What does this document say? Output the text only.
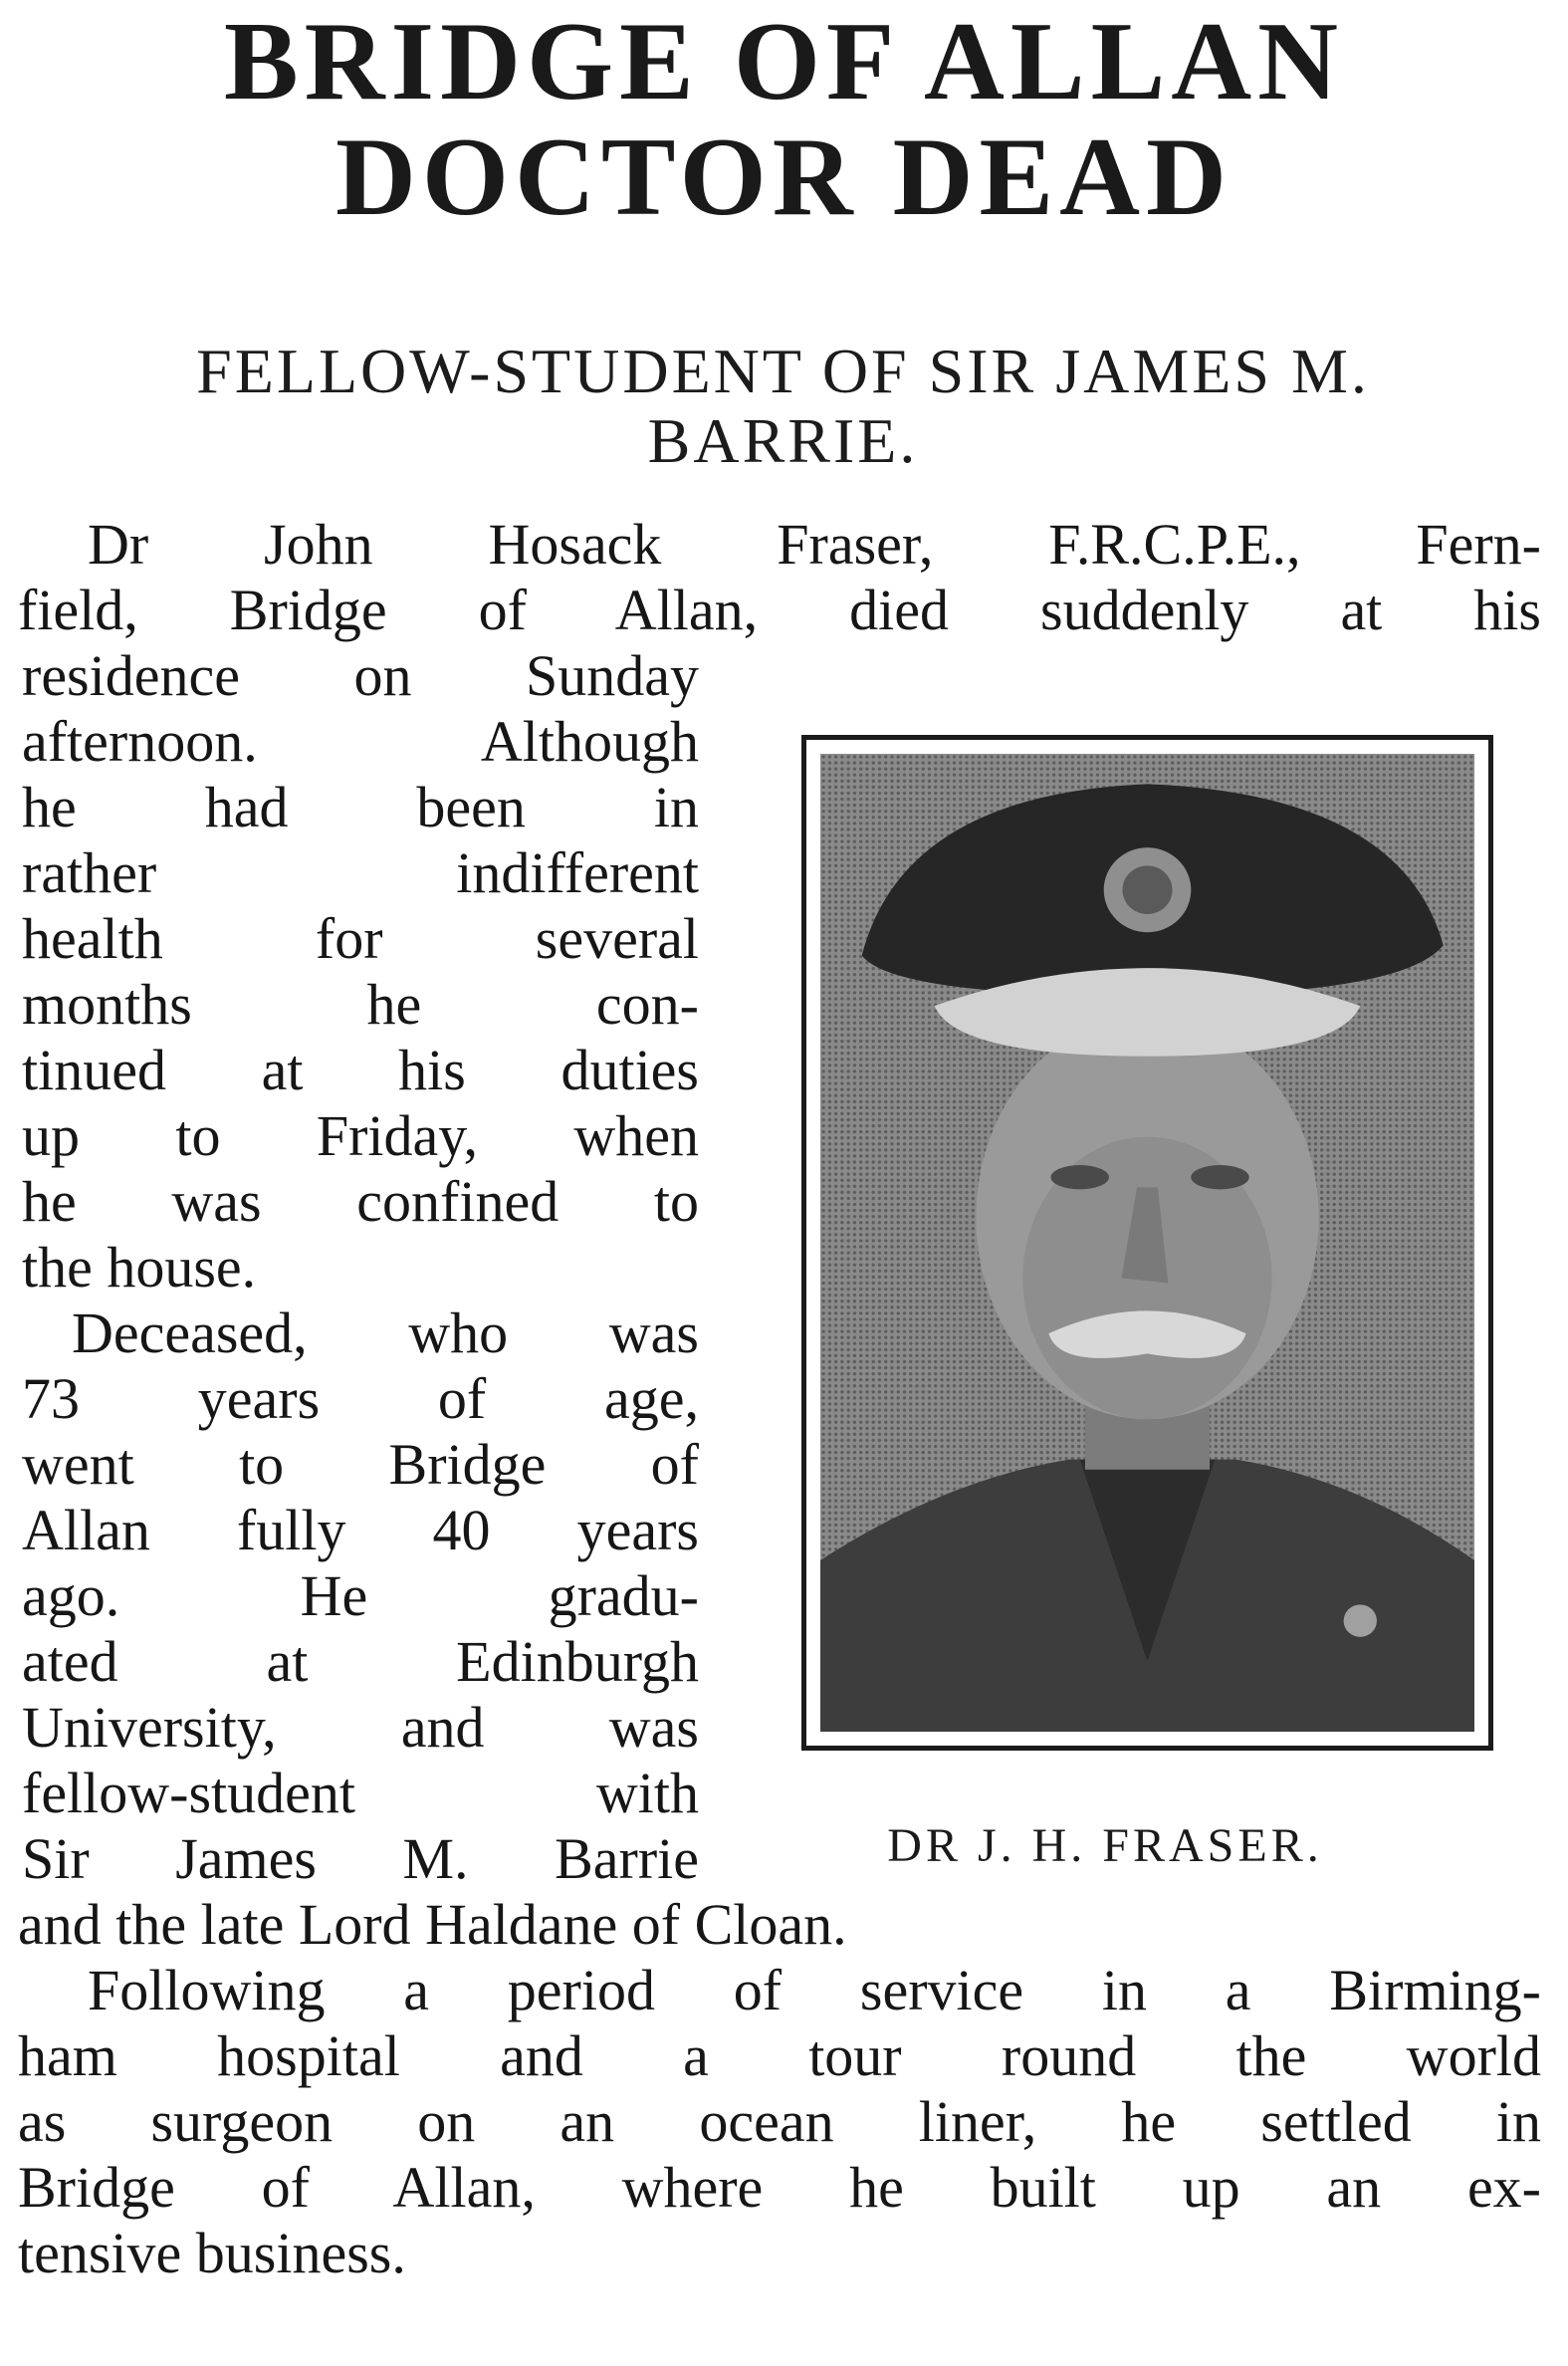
BRIDGE OF ALLAN
DOCTOR DEAD
FELLOW-STUDENT OF SIR JAMES M.
BARRIE.
Dr John Hosack Fraser, F.R.C.P.E., Fern-
field, Bridge of Allan, died suddenly at his
residence on Sunday
afternoon. Although
he had been in
rather indifferent
health for several
months he con-
tinued at his duties
up to Friday, when
he was confined to
the house.
Deceased, who was
73 years of age,
went to Bridge of
Allan fully 40 years
ago. He gradu-
ated at Edinburgh
University, and was
fellow-student with
Sir James M. Barrie
and the late Lord Haldane of Cloan.
Following a period of service in a Birming-
ham hospital and a tour round the world
as surgeon on an ocean liner, he settled in
Bridge of Allan, where he built up an ex-
tensive business.
DR J. H. FRASER.
